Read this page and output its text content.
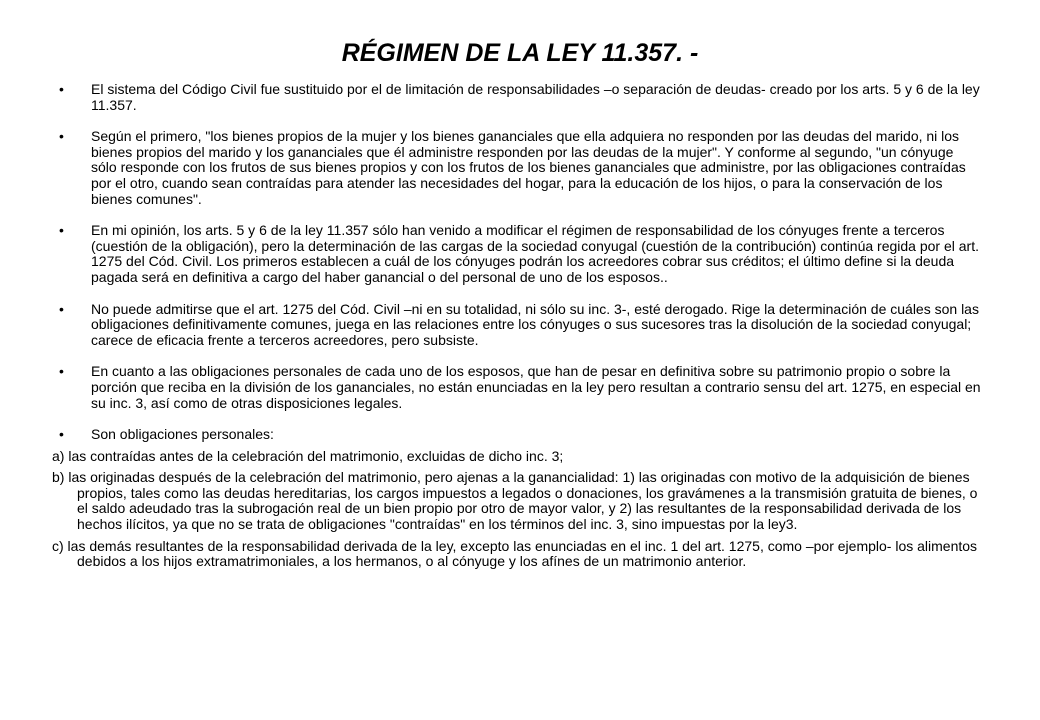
RÉGIMEN DE LA LEY 11.357. -
• El sistema del Código Civil fue sustituido por el de limitación de responsabilidades –o separación de deudas- creado por los arts. 5 y 6 de la ley 11.357.
• Según el primero, "los bienes propios de la mujer y los bienes gananciales que ella adquiera no responden por las deudas del marido, ni los bienes propios del marido y los gananciales que él administre responden por las deudas de la mujer". Y conforme al segundo, "un cónyuge sólo responde con los frutos de sus bienes propios y con los frutos de los bienes gananciales que administre, por las obligaciones contraídas por el otro, cuando sean contraídas para atender las necesidades del hogar, para la educación de los hijos, o para la conservación de los bienes comunes".
• En mi opinión, los arts. 5 y 6 de la ley 11.357 sólo han venido a modificar el régimen de responsabilidad de los cónyuges frente a terceros (cuestión de la obligación), pero la determinación de las cargas de la sociedad conyugal (cuestión de la contribución) continúa regida por el art. 1275 del Cód. Civil. Los primeros establecen a cuál de los cónyuges podrán los acreedores cobrar sus créditos; el último define si la deuda pagada será en definitiva a cargo del haber ganancial o del personal de uno de los esposos..
• No puede admitirse que el art. 1275 del Cód. Civil –ni en su totalidad, ni sólo su inc. 3-, esté derogado. Rige la determinación de cuáles son las obligaciones definitivamente comunes, juega en las relaciones entre los cónyuges o sus sucesores tras la disolución de la sociedad conyugal; carece de eficacia frente a terceros acreedores, pero subsiste.
• En cuanto a las obligaciones personales de cada uno de los esposos, que han de pesar en definitiva sobre su patrimonio propio o sobre la porción que reciba en la división de los gananciales, no están enunciadas en la ley pero resultan a contrario sensu del art. 1275, en especial en su inc. 3, así como de otras disposiciones legales.
• Son obligaciones personales:

a) las contraídas antes de la celebración del matrimonio, excluidas de dicho inc. 3;

b) las originadas después de la celebración del matrimonio, pero ajenas a la ganancialidad: 1) las originadas con motivo de la adquisición de bienes propios, tales como las deudas hereditarias, los cargos impuestos a legados o donaciones, los gravámenes a la transmisión gratuita de bienes, o el saldo adeudado tras la subrogación real de un bien propio por otro de mayor valor, y 2) las resultantes de la responsabilidad derivada de los hechos ilícitos, ya que no se trata de obligaciones "contraídas" en los términos del inc. 3, sino impuestas por la ley3.

c) las demás resultantes de la responsabilidad derivada de la ley, excepto las enunciadas en el inc. 1 del art. 1275, como –por ejemplo- los alimentos debidos a los hijos extramatrimoniales, a los hermanos, o al cónyuge y los afínes de un matrimonio anterior.
